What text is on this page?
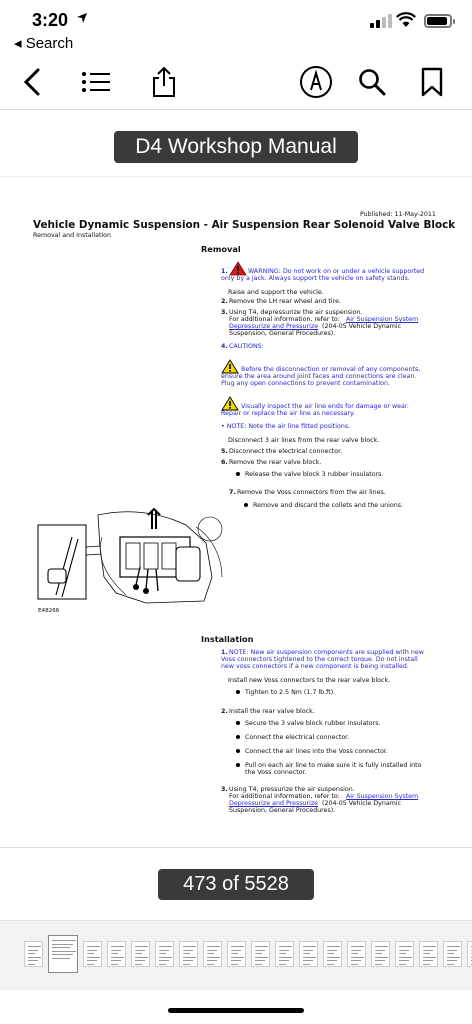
3:20
◂ Search
D4 Workshop Manual
Published: 11-May-2011
Vehicle Dynamic Suspension - Air Suspension Rear Solenoid Valve Block
Removal and Installation
Removal
1.	WARNING: Do not work on or under a vehicle supported
only by a jack. Always support the vehicle on safety stands.
Raise and support the vehicle.
2. Remove the LH rear wheel and tire.
3. Using T4, depressurize the air suspension.
For additional information, refer to: Air Suspension System
Depressurize and Pressurize (204-05 Vehicle Dynamic
Suspension, General Procedures).
4. CAUTIONS:
Before the disconnection or removal of any components,
ensure the area around joint faces and connections are clean.
Plug any open connections to prevent contamination.
Visually inspect the air line ends for damage or wear.
Repair or replace the air line as necessary.
• NOTE: Note the air line fitted positions.
Disconnect 3 air lines from the rear valve block.
5. Disconnect the electrical connector.
6. Remove the rear valve block.
Release the valve block 3 rubber insulators.
7. Remove the Voss connectors from the air lines.
Remove and discard the collets and the unions.
E48266
Installation
1. NOTE: New air suspension components are supplied with new
Voss connectors tightened to the correct torque. Do not install
new voss connectors if a new component is being installed.
Install new Voss connectors to the rear valve block.
Tighten to 2.5 Nm (1.7 lb.ft).
2. Install the rear valve block.
Secure the 3 valve block rubber insulators.
Connect the electrical connector.
Connect the air lines into the Voss connector.
Pull on each air line to make sure it is fully installed into
the Voss connector.
3. Using T4, pressurize the air suspension.
For additional information, refer to: Air Suspension System
Depressurize and Pressurize (204-05 Vehicle Dynamic
Suspension, General Procedures).
473 of 5528
